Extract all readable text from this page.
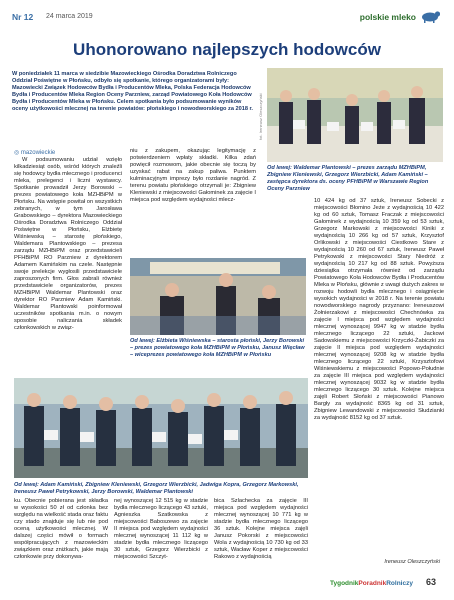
Nr 12 24 marca 2019	polskie mleko
Uhonorowano najlepszych hodowców

W poniedziałek 11 marca w siedzibie Mazowieckiego Ośrodka Doradztwa Rolniczego Oddział Poświętne w Płońsku, odbyło się spotkanie, którego organizatorami były: Mazowiecki Związek Hodowców Bydła i Producentów Mleka, Polska Federacja Hodowców Bydła i Producentów Mleka Region Oceny Parzniew, zarząd Powiatowego Koła Hodowców Bydła i Producentów Mleka w Płońsku. Celem spotkania było podsumowanie wyników oceny użytkowości mlecznej na terenie powiatów: płońskiego i nowodworskiego za 2018 r.

◎ mazowieckie
fot. Ireneusz Oleszczyński
Od lewej: Waldemar Plantowski – prezes zarządu MZHBiPM, Zbigniew Kleniewski, Grzegorz Wierzbicki, Adam Kamiński – zastępca dyrektora ds. oceny PFHBiPM w Warszawie Region Oceny Parzniew

W podsumowaniu udział wzięło kilkadziesiąt osób, wśród których znaleźli się hodowcy bydła mlecznego i producenci mleka, prelegenci i liczni wystawcy. Spotkanie prowadził Jerzy Borowski – prezes powiatowego koła MZHBiPM w Płońsku. Na wstępie powitał on wszystkich zebranych, w tym Jarosława Grabowskiego – dyrektora Mazowieckiego Ośrodka Doradztwa Rolniczego Oddział Poświętne w Płońsku, Elżbietę Wiśniewską – starostę płońskiego, Waldemara Plantowskiego – prezesa zarządu MZHBiPM oraz przedstawicieli PFHBiPM RO Parzniew z dyrektorem Adamem Kamińskim na czele. Następnie swoje prelekcje wygłosili przedstawiciele zaproszonych firm. Głos zabrali również przedstawiciele organizatorów, prezes MZHBiPM Waldemar Plantowski oraz dyrektor RO Parzniew Adam Kamiński. Waldemar Plantowski poinformował uczestników spotkania m.in. o nowym sposobie naliczania składek członkowskich w związ-

niu z zakupem, okazując legitymację z potwierdzeniem wpłaty składki. Kilka zdań powięcił rozmowom, jakie obecnie się toczą by uzyskać rabat na zakup paliwa. Punktem kulminacyjnym imprezy było rozdanie nagród. Z terenu powiatu płońskiego otrzymali je: Zbigniew Kleniewski z miejscowości Gałominek za zajęcie I miejsca pod względem wydajności mlecz-

Od lewej: Elżbieta Wiśniewska – starosta płoński, Jerzy Borowski – prezes powiatowego koła MZHBiPM w Płońsku, Janusz Więcław – wiceprezes powiatowego koła MZHBiPM w Płońsku

10 424 kg od 37 sztuk, Ireneusz Sobecki z miejscowości Błomino Jeże z wydajnością 10 422 kg od 60 sztuk, Tomasz Fraczak z miejscowości Gałominek z wydajnością 10 359 kg od 53 sztuk, Grzegorz Markowski z miejscowości Kiniki z wydajnością 10 266 kg od 57 sztuk, Krzysztof Orlikowski z miejscowości Ciestkowo Stare z wydajnością 10 260 od 67 sztuk, Ireneusz Paweł Petrykowski z miejscowości Stary Niedróż z wydajnością 10 217 kg od 88 sztuk. Powyższa dziesiątka otrzymała również od zarządu Powiatowego Koła Hodowców Bydła i Producentów Mleka w Płońsku, głównie z uwagi dużych zakres w rozwoju hodowli bydła mlecznego i osiągnięcie wysokich wydajności w 2018 r. Na terenie powiatu nowodworskiego nagrody przyznano: Ireneuszowi Żołnierzakowi z miejscowości Chechnówka za zajęcie I miejsca pod względem wydajności mlecznej wynoszącej 9947 kg w stadzie bydła mlecznego liczącego 22 sztuki, Jackowi Sadowskiemu z miejscowości Krzyczki-Żabiczki za zajęcie II miejsca pod względem wydajności mlecznej wynoszącej 9208 kg w stadzie bydła mlecznego liczącego 22 sztuki, Krzysztofowi Wiśniewskiemu z miejscowości Popowo-Południe za zajęcie III miejsca pod względem wydajności mlecznej wynoszącej 9032 kg w stadzie bydła mlecznego liczącego 30 sztuk. Kolejne miejsca zajęli Robert Słoński z miejscowości Pianowo Bargły za wydajność 8365 kg od 31 sztuk, Zbigniew Lewandowski z miejscowości Słudzianki za wydajność 8152 kg od 37 sztuk.

Od lewej: Adam Kamiński, Zbigniew Kleniewski, Grzegorz Wierzbicki, Jadwiga Kopra, Grzegorz Markowski, Ireneusz Paweł Petrykowski, Jerzy Borowski, Waldemar Plantowski

ku. Obecnie pobierana jest składka w wysokości 50 zł od członka bez względu na wielkość stada oraz faktu czy stado znajduje się lub nie pod oceną użytkowości mlecznej. W dalszej części mówił o formach współpracujących z mazowieckim związkiem oraz zniżkach, jakie mają członkowie przy dokonywa-

nej wynoszącej 12 515 kg w stadzie bydła mlecznego liczącego 43 sztuki, Agnieszka Szatkowska z miejscowości Baboszewo za zajęcie II miejsca pod względem wydajności mlecznej wynoszącej 11 112 kg w stadzie bydła mlecznego liczącego 30 sztuk, Grzegorz Wierzbicki z miejscowości Szczyt-

bica Szlachecka za zajęcie III miejsca pod względem wydajności mlecznej wynoszącej 10 771 kg w stadzie bydła mlecznego liczącego 36 sztuk. Kolejne miejsca zajęli Janusz Pokorski z miejscowości Wola z wydajnością 10 730 kg od 33 sztuk, Wacław Koper z miejscowości Rakowo z wydajnością

Ireneusz Oleszczyński
TygodnikPoradnikRolniczy 63
